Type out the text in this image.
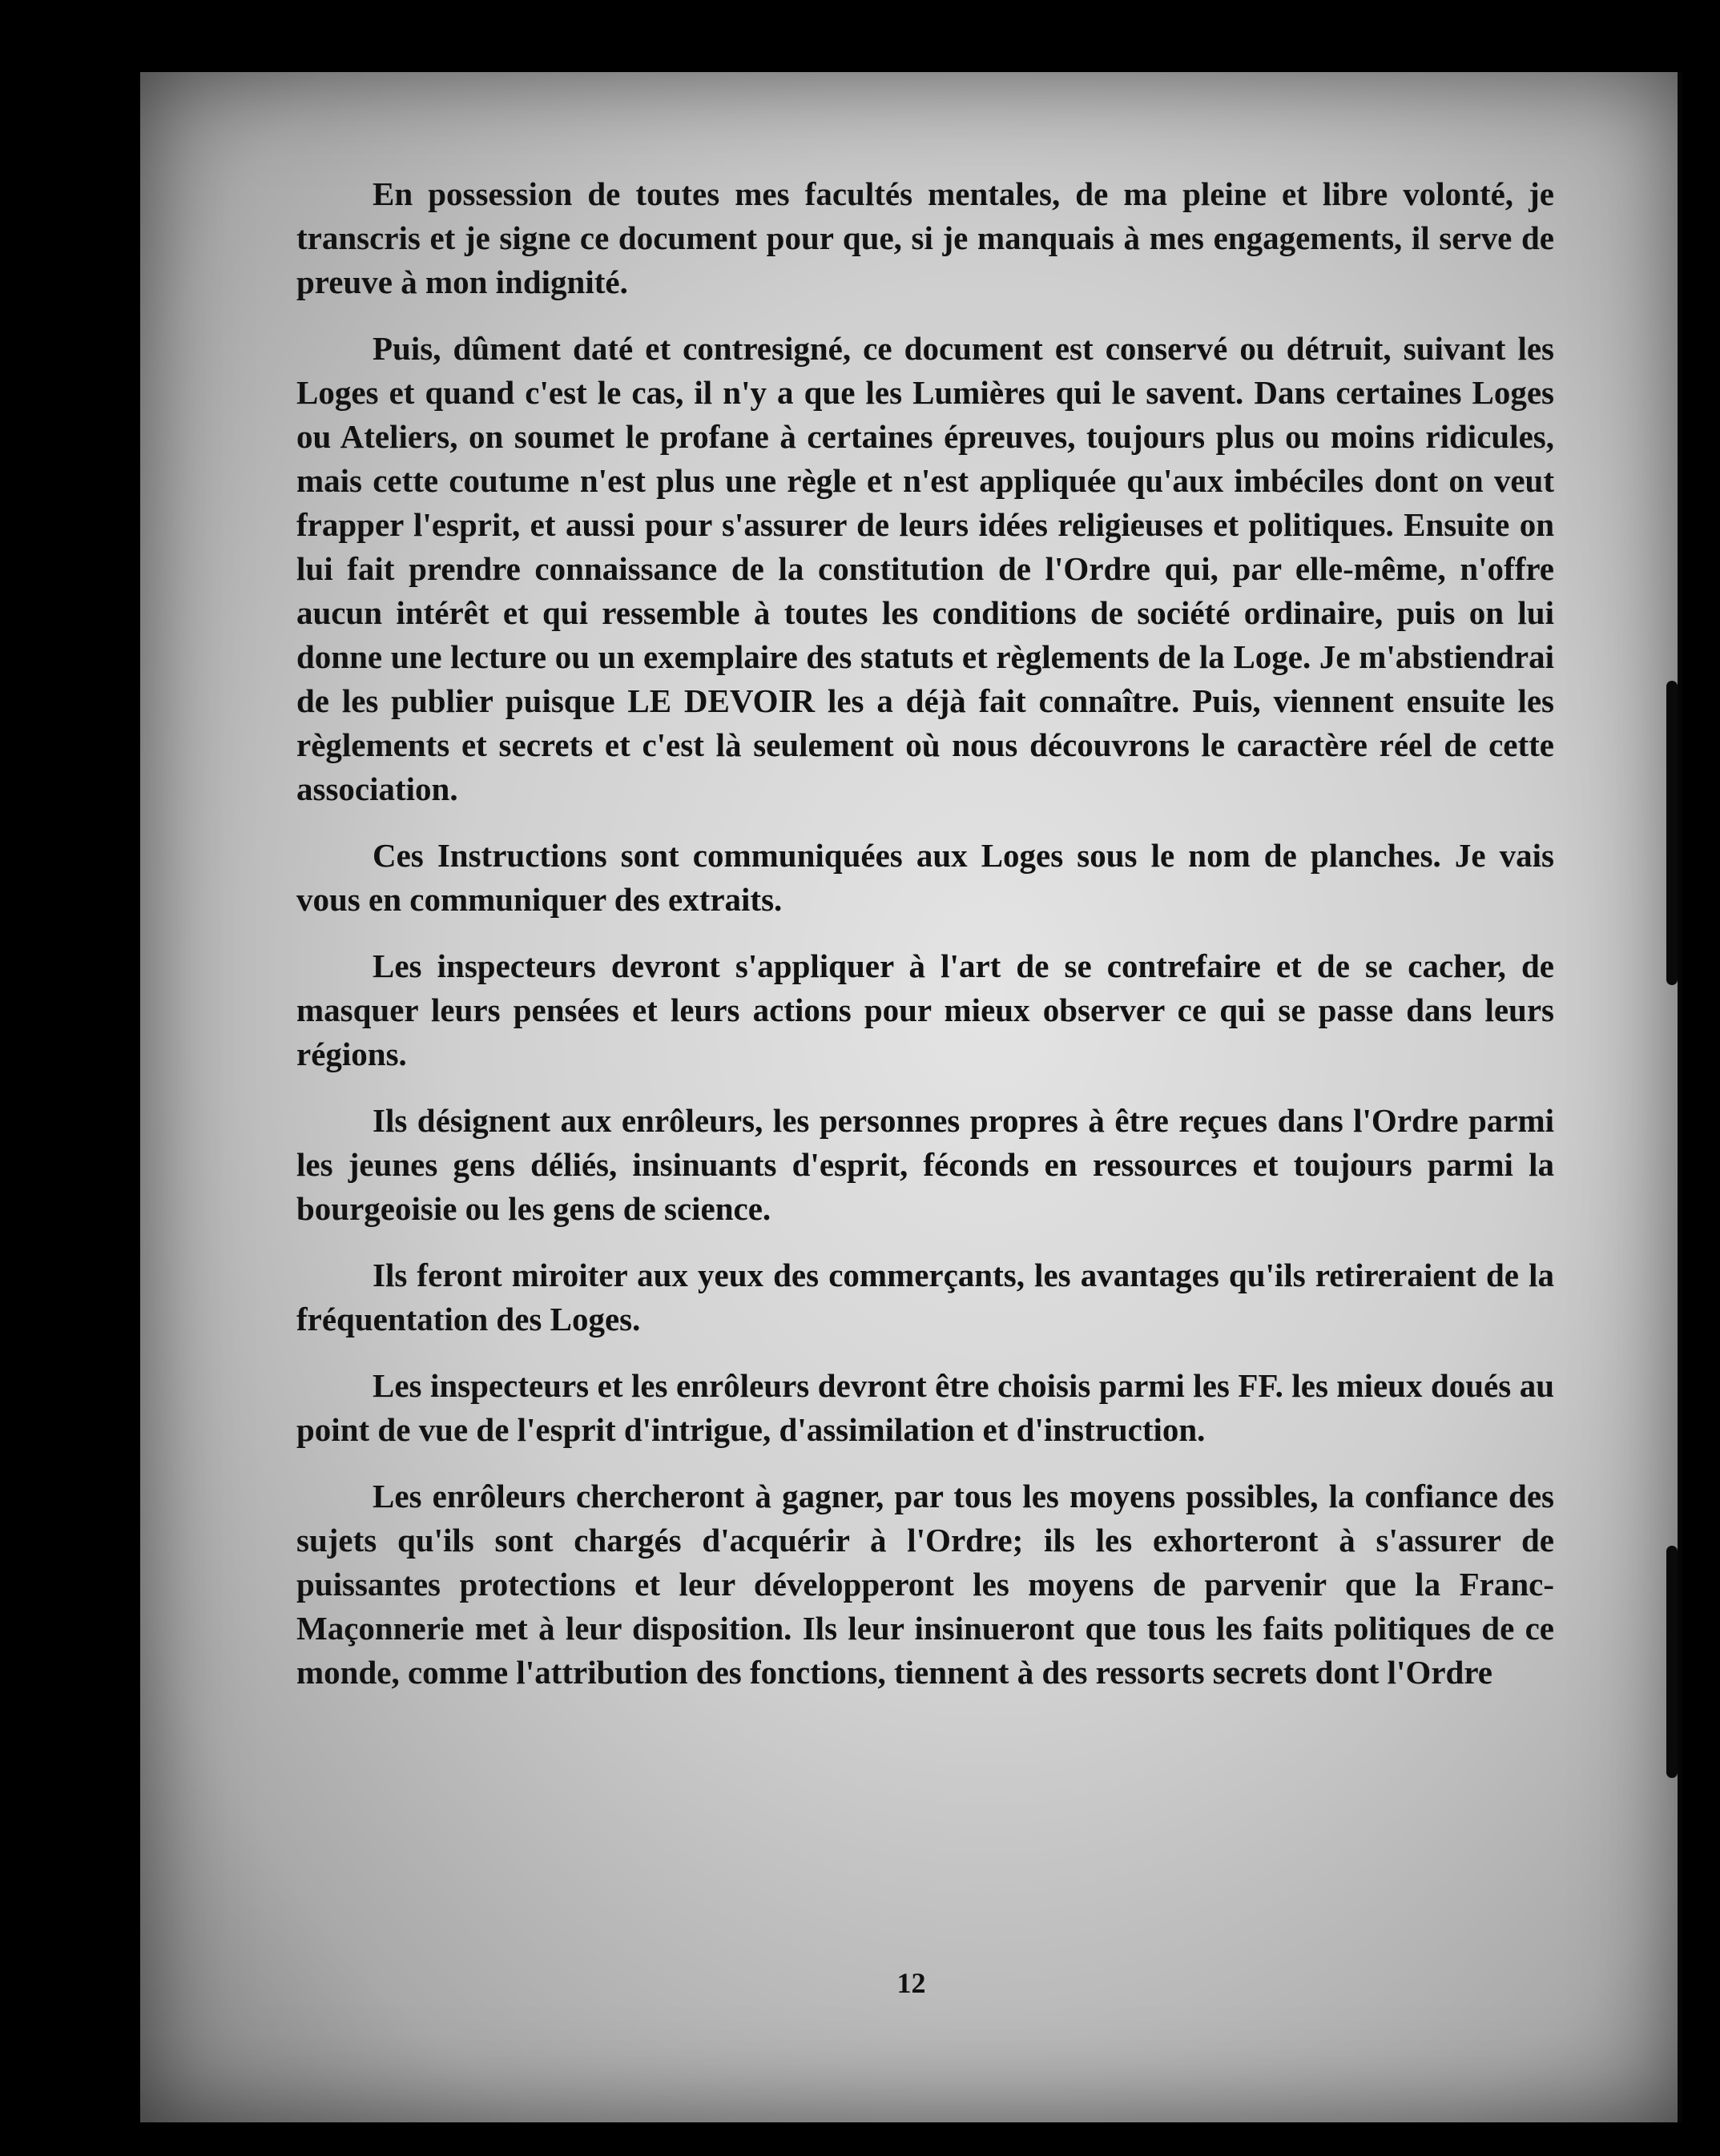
En possession de toutes mes facultés mentales, de ma pleine et libre volonté, je transcris et je signe ce document pour que, si je manquais à mes engagements, il serve de preuve à mon indignité.

Puis, dûment daté et contresigné, ce document est conservé ou détruit, suivant les Loges et quand c'est le cas, il n'y a que les Lumières qui le savent. Dans certaines Loges ou Ateliers, on soumet le profane à certaines épreuves, toujours plus ou moins ridicules, mais cette coutume n'est plus une règle et n'est appliquée qu'aux imbéciles dont on veut frapper l'esprit, et aussi pour s'assurer de leurs idées religieuses et politiques. Ensuite on lui fait prendre connaissance de la constitution de l'Ordre qui, par elle-même, n'offre aucun intérêt et qui ressemble à toutes les conditions de société ordinaire, puis on lui donne une lecture ou un exemplaire des statuts et règlements de la Loge. Je m'abstiendrai de les publier puisque LE DEVOIR les a déjà fait connaître. Puis, viennent ensuite les règlements et secrets et c'est là seulement où nous découvrons le caractère réel de cette association.

Ces Instructions sont communiquées aux Loges sous le nom de planches. Je vais vous en communiquer des extraits.

Les inspecteurs devront s'appliquer à l'art de se contrefaire et de se cacher, de masquer leurs pensées et leurs actions pour mieux observer ce qui se passe dans leurs régions.

Ils désignent aux enrôleurs, les personnes propres à être reçues dans l'Ordre parmi les jeunes gens déliés, insinuants d'esprit, féconds en ressources et toujours parmi la bourgeoisie ou les gens de science.

Ils feront miroiter aux yeux des commerçants, les avantages qu'ils retireraient de la fréquentation des Loges.

Les inspecteurs et les enrôleurs devront être choisis parmi les FF. les mieux doués au point de vue de l'esprit d'intrigue, d'assimilation et d'instruction.

Les enrôleurs chercheront à gagner, par tous les moyens possibles, la confiance des sujets qu'ils sont chargés d'acquérir à l'Ordre; ils les exhorteront à s'assurer de puissantes protections et leur développeront les moyens de parvenir que la Franc-Maçonnerie met à leur disposition. Ils leur insinueront que tous les faits politiques de ce monde, comme l'attribution des fonctions, tiennent à des ressorts secrets dont l'Ordre

12
